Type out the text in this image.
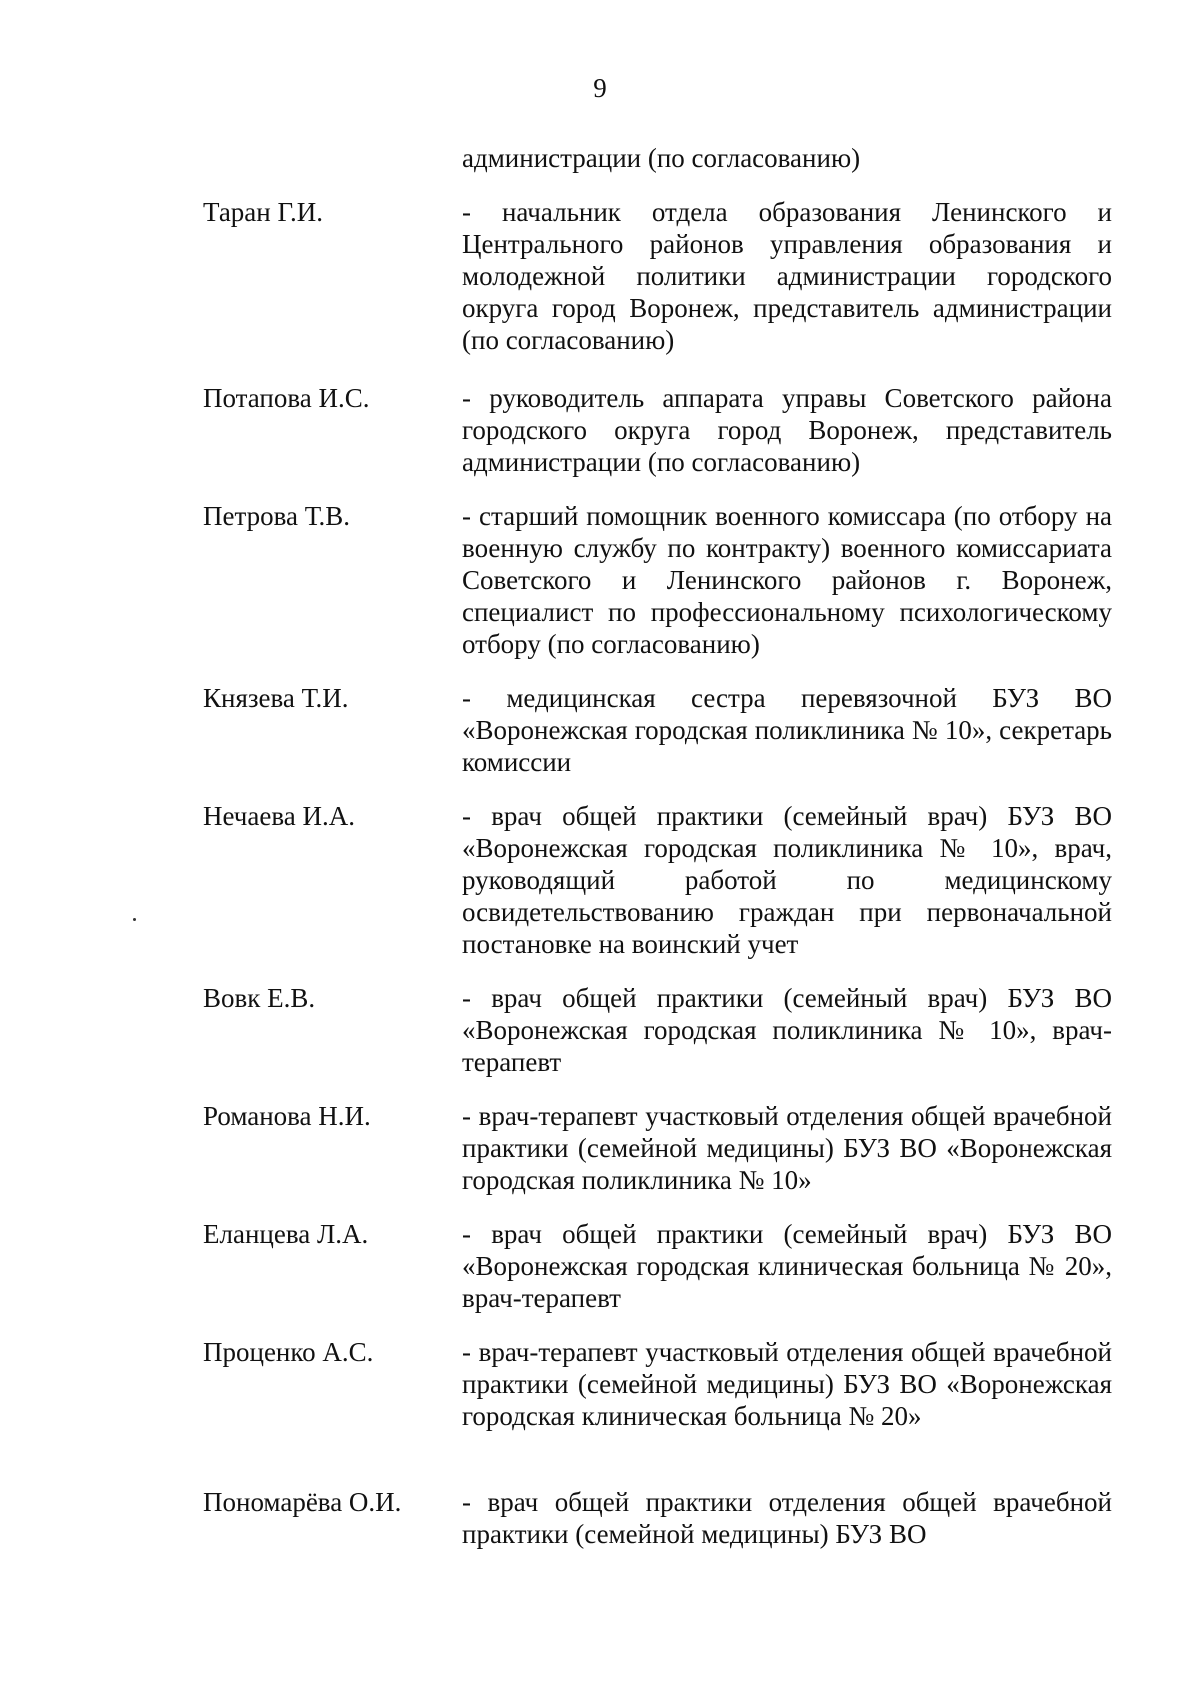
9
администрации (по согласованию)
Таран Г.И.	- начальник отдела образования Ленинского и Центрального районов управления образования и молодежной политики администрации городского округа город Воронеж, представитель администрации (по согласованию)
Потапова И.С.	- руководитель аппарата управы Советского района городского округа город Воронеж, представитель администрации (по согласованию)
Петрова Т.В.	- старший помощник военного комиссара (по отбору на военную службу по контракту) военного комиссариата Советского и Ленинского районов г. Воронеж, специалист по профессиональному психологическому отбору (по согласованию)
Князева Т.И.	- медицинская сестра перевязочной БУЗ ВО «Воронежская городская поликлиника № 10», секретарь комиссии
Нечаева И.А.	- врач общей практики (семейный врач) БУЗ ВО «Воронежская городская поликлиника № 10», врач, руководящий работой по медицинскому освидетельствованию граждан при первоначальной постановке на воинский учет
Вовк Е.В.	- врач общей практики (семейный врач) БУЗ ВО «Воронежская городская поликлиника № 10», врач-терапевт
Романова Н.И.	- врач-терапевт участковый отделения общей врачебной практики (семейной медицины) БУЗ ВО «Воронежская городская поликлиника № 10»
Еланцева Л.А.	- врач общей практики (семейный врач) БУЗ ВО «Воронежская городская клиническая больница № 20», врач-терапевт
Проценко А.С.	- врач-терапевт участковый отделения общей врачебной практики (семейной медицины) БУЗ ВО «Воронежская городская клиническая больница № 20»
Пономарёва О.И. - врач общей практики отделения общей врачебной практики (семейной медицины) БУЗ ВО
